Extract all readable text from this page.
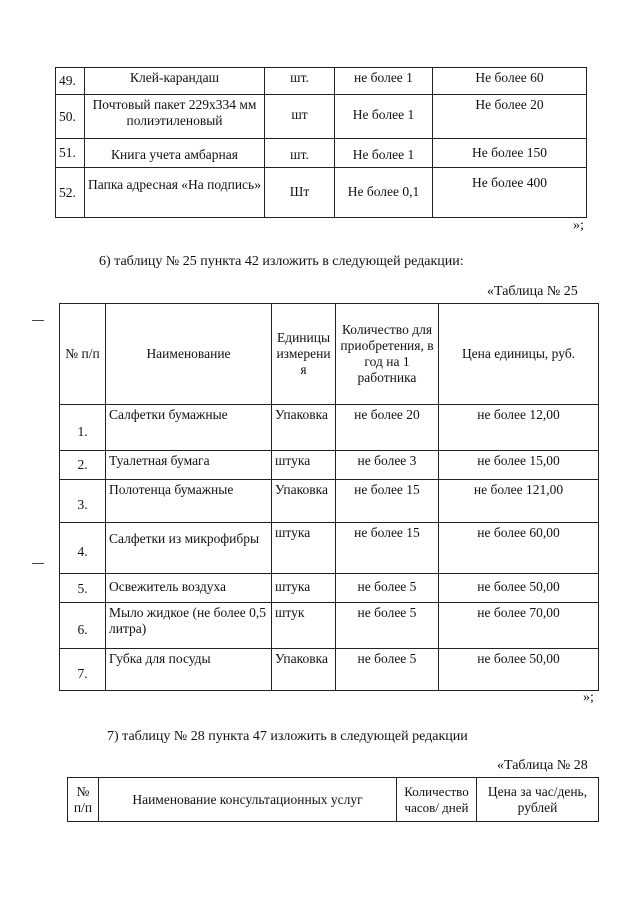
49.	Клей-карандаш	шт.	не более 1	Не более 60
50.	Почтовый пакет 229х334 мм полиэтиленовый	шт	Не более 1	Не более 20
51.	Книга учета амбарная	шт.	Не более 1	Не более 150
52.	Папка адресная «На подпись»	Шт	Не более 0,1	Не более 400
»;
6) таблицу № 25 пункта 42 изложить в следующей редакции:
«Таблица № 25
№ п/п	Наименование	Единицы измерения	Количество для приобретения, в год на 1 работника	Цена единицы, руб.
1.	Салфетки бумажные	Упаковка	не более 20	не более 12,00
2.	Туалетная бумага	штука	не более 3	не более 15,00
3.	Полотенца бумажные	Упаковка	не более 15	не более 121,00
4.	Салфетки из микрофибры	штука	не более 15	не более 60,00
5.	Освежитель воздуха	штука	не более 5	не более 50,00
6.	Мыло жидкое (не более 0,5 литра)	штук	не более 5	не более 70,00
7.	Губка для посуды	Упаковка	не более 5	не более 50,00
»;
7) таблицу № 28 пункта 47 изложить в следующей редакции
«Таблица № 28
№ п/п	Наименование консультационных услуг	Количество часов/ дней	Цена за час/день, рублей
